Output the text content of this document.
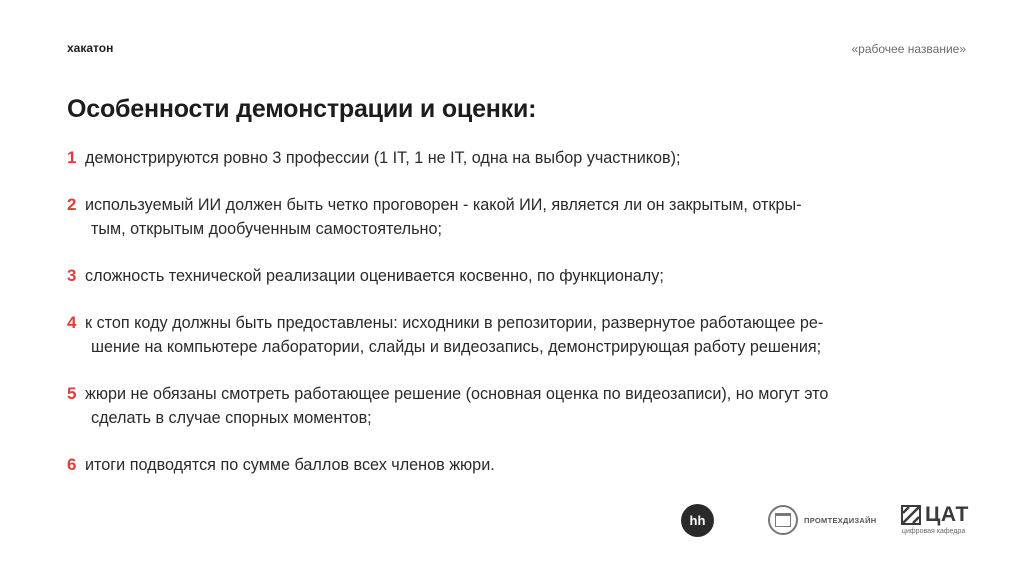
хакатон	«рабочее название»
Особенности демонстрации и оценки:
1 демонстрируются ровно 3 профессии (1 IT, 1 не IT, одна на выбор участников);
2 используемый ИИ должен быть четко проговорен - какой ИИ, является ли он закрытым, откры-
тым, открытым дообученным самостоятельно;
3 сложность технической реализации оценивается косвенно, по функционалу;
4 к стоп коду должны быть предоставлены: исходники в репозитории, развернутое работающее ре-
шение на компьютере лаборатории, слайды и видеозапись, демонстрирующая работу решения;
5 жюри не обязаны смотреть работающее решение (основная оценка по видеозаписи), но могут это
сделать в случае спорных моментов;
6 итоги подводятся по сумме баллов всех членов жюри.
hh	ПРОМТЕХДИЗАЙН ЦАТ
цифровая кафедра
